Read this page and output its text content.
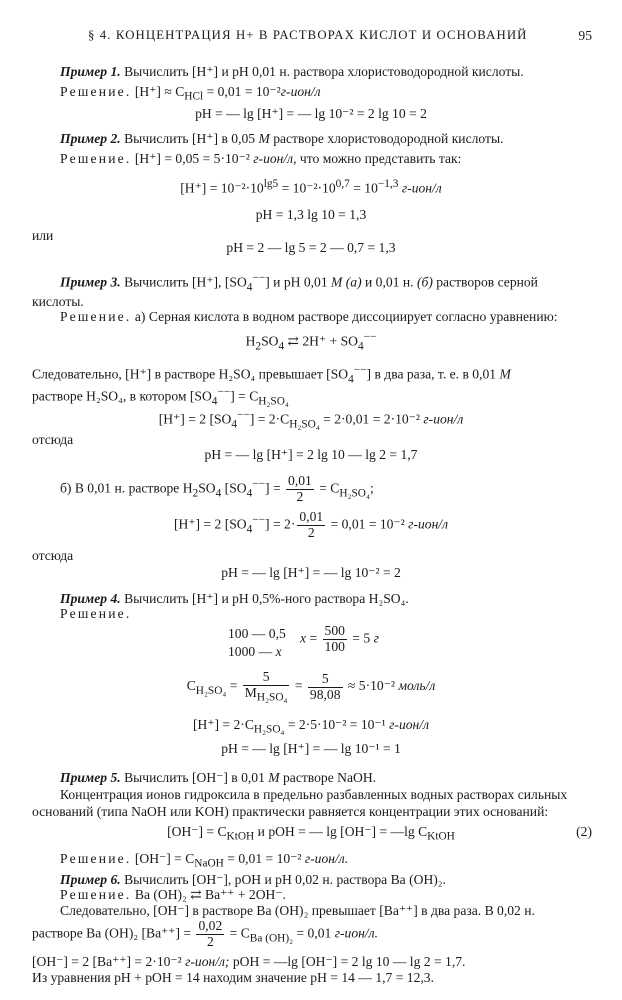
§ 4. КОНЦЕНТРАЦИЯ Н+ В РАСТВОРАХ КИСЛОТ И ОСНОВАНИЙ	95
Пример 1. Вычислить [Н⁺] и рН 0,01 н. раствора хлористоводородной кислоты.
Решение. $[Н^+] \approx C_{HCl} = 0,01 = 10^{-2}г-ион/л$
рН = — lg [Н⁺] = — lg 10⁻² = 2 lg 10 = 2
Пример 2. Вычислить [Н⁺] в 0,05 М растворе хлористоводородной кислоты.
Решение. [Н⁺] = 0,05 = 5·10⁻² г-ион/л, что можно представить так:
$[Н^+] = 10^{-2}\cdot 10^{lg5} = 10^{-2}\cdot 10^{0,7} = 10^{-1,3}$ г-ион/л
рН = 1,3 lg 10 = 1,3
или
рН = 2 — lg 5 = 2 — 0,7 = 1,3
Пример 3. Вычислить [Н⁺], $[SO_4^{--}]$ и рН 0,01 М (а) и 0,01 н. (б) растворов серной
кислоты.
Решение. а) Серная кислота в водном растворе диссоциирует согласно уравнению:
$H_2SO_4$ ⇄ $2H^+ + SO_4^{--}$
Следовательно, [Н⁺] в растворе H₂SO₄ превышает $[SO_4^{--}]$ в два раза, т. е. в 0,01 М
растворе H₂SO₄, в котором $[SO_4^{--}] = C_{H_2SO_4}$
[Н⁺] = 2 $[SO_4^{--}] = 2\cdot C_{H_2SO_4} = 2\cdot 0,01 = 2\cdot 10^{-2}$ г-ион/л
отсюда
рН = — lg [Н⁺] = 2 lg 10 — lg 2 = 1,7
б) В 0,01 н. растворе $H_2SO_4$ $[SO_4^{--}] = \frac{0,01}{2} = C_{H_2SO_4}$;
[Н⁺] = 2 $[SO_4^{--}] = 2\cdot \frac{0,01}{2} = 0,01 = 10^{-2}$ г-ион/л
отсюда
рН = — lg [Н⁺] = — lg 10⁻² = 2
Пример 4. Вычислить [Н⁺] и рН 0,5%-ного раствора H₂SO₄.
Решение.
100 — 0,5 $x = \frac{500}{100} = 5$ г
1000 — x
$C_{H_2SO_4} = \frac{5}{M_{H_2SO_4}} = \frac{5}{98,08} \approx 5\cdot 10^{-2}$ моль/л
$[Н^+] = 2\cdot C_{H_2SO_4} = 2\cdot 5\cdot 10^{-2} = 10^{-1}$ г-ион/л
рН = — lg [Н⁺] = — lg 10⁻¹ = 1
Пример 5. Вычислить [ОН⁻] в 0,01 М растворе NaOH.
Концентрация ионов гидроксила в предельно разбавленных водных растворах сильных
оснований (типа NaOH или KOH) практически равняется концентрации этих оснований:
$[ОН^-] = C_{KtOH}$ и рОН = — lg [ОН⁻] = —lg $C_{KtOH}$	(2)
Решение. $[ОН^-] = C_{NaOH} = 0,01 = 10^{-2}$ г-ион/л.
Пример 6. Вычислить [ОН⁻], рОН и рН 0,02 н. раствора Ва (ОН)₂.
Решение. Ва (ОН)₂ ⇄ Ва⁺⁺ + 2ОН⁻.
Следовательно, [ОН⁻] в растворе Ва (ОН)₂ превышает [Ва⁺⁺] в два раза. В 0,02 н.
растворе Ва (ОН)₂ $[Ва^{++}] = \frac{0,02}{2} = C_{Ва (ОН)_2} = 0,01$ г-ион/л.
[ОН⁻] = 2 [Ва⁺⁺] = 2·10⁻² г-ион/л; рОН = —lg [ОН⁻] = 2 lg 10 — lg 2 = 1,7.
Из уравнения рН + рОН = 14 находим значение рН = 14 — 1,7 = 12,3.
